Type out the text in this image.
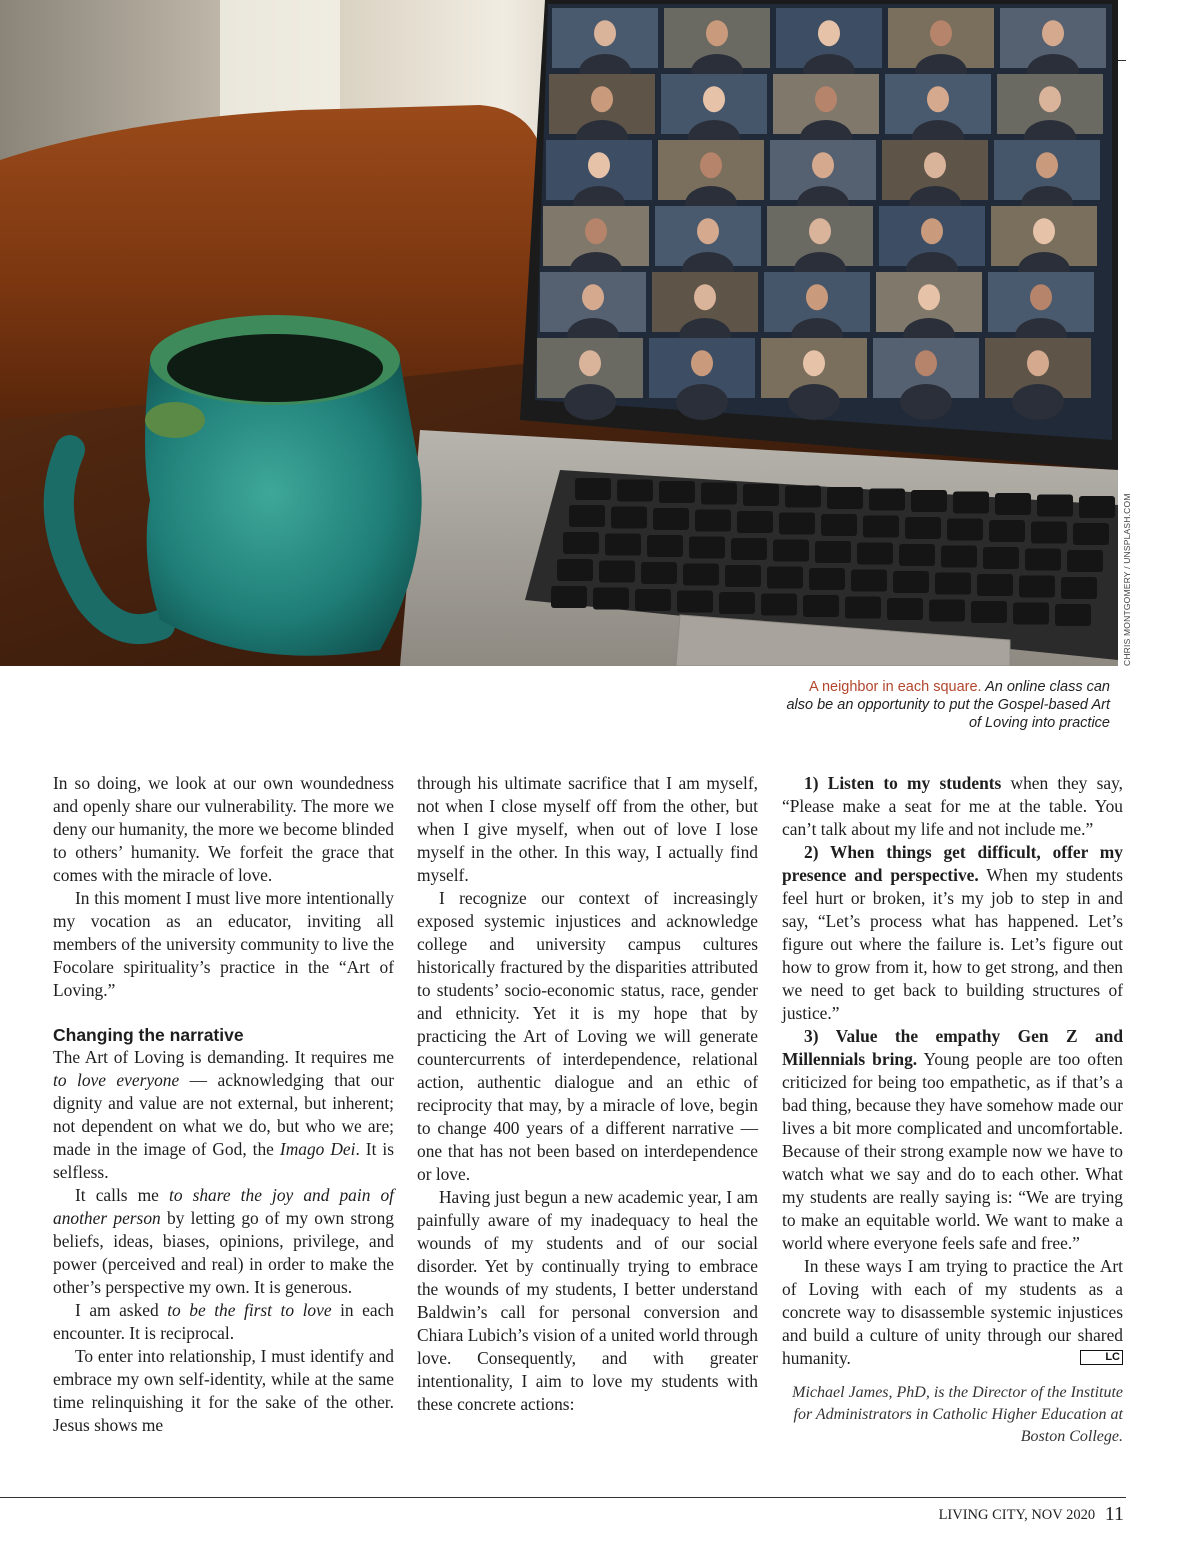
CHRIS MONTGOMERY / UNSPLASH.COM
A neighbor in each square. An online class can also be an opportunity to put the Gospel-based Art of Loving into practice

In so doing, we look at our own woundedness and openly share our vulnerability. The more we deny our humanity, the more we become blinded to others’ humanity. We forfeit the grace that comes with the miracle of love.

In this moment I must live more intentionally my vocation as an educator, inviting all members of the university community to live the Focolare spirituality’s practice in the “Art of Loving.”

Changing the narrative

The Art of Loving is demanding. It requires me to love everyone — acknowledging that our dignity and value are not external, but inherent; not dependent on what we do, but who we are; made in the image of God, the Imago Dei. It is selfless.

It calls me to share the joy and pain of another person by letting go of my own strong beliefs, ideas, biases, opinions, privilege, and power (perceived and real) in order to make the other’s perspective my own. It is generous.

I am asked to be the first to love in each encounter. It is reciprocal.

To enter into relationship, I must identify and embrace my own self-identity, while at the same time relinquishing it for the sake of the other. Jesus shows me

through his ultimate sacrifice that I am myself, not when I close myself off from the other, but when I give myself, when out of love I lose myself in the other. In this way, I actually find myself.

I recognize our context of increasingly exposed systemic injustices and acknowledge college and university campus cultures historically fractured by the disparities attributed to students’ socio-economic status, race, gender and ethnicity. Yet it is my hope that by practicing the Art of Loving we will generate countercurrents of interdependence, relational action, authentic dialogue and an ethic of reciprocity that may, by a miracle of love, begin to change 400 years of a different narrative — one that has not been based on interdependence or love.

Having just begun a new academic year, I am painfully aware of my inadequacy to heal the wounds of my students and of our social disorder. Yet by continually trying to embrace the wounds of my students, I better understand Baldwin’s call for personal conversion and Chiara Lubich’s vision of a united world through love. Consequently, and with greater intentionality, I aim to love my students with these concrete actions:

1) Listen to my students when they say, “Please make a seat for me at the table. You can’t talk about my life and not include me.”

2) When things get difficult, offer my presence and perspective. When my students feel hurt or broken, it’s my job to step in and say, “Let’s process what has happened. Let’s figure out where the failure is. Let’s figure out how to grow from it, how to get strong, and then we need to get back to building structures of justice.”

3) Value the empathy Gen Z and Millennials bring. Young people are too often criticized for being too empathetic, as if that’s a bad thing, because they have somehow made our lives a bit more complicated and uncomfortable. Because of their strong example now we have to watch what we say and do to each other. What my students are really saying is: “We are trying to make an equitable world. We want to make a world where everyone feels safe and free.”

In these ways I am trying to practice the Art of Loving with each of my students as a concrete way to disassemble systemic injustices and build a culture of unity through our shared humanity.	LC

Michael James, PhD, is the Director of the Institute for Administrators in Catholic Higher Education at Boston College.
LIVING CITY, NOV 2020 11
